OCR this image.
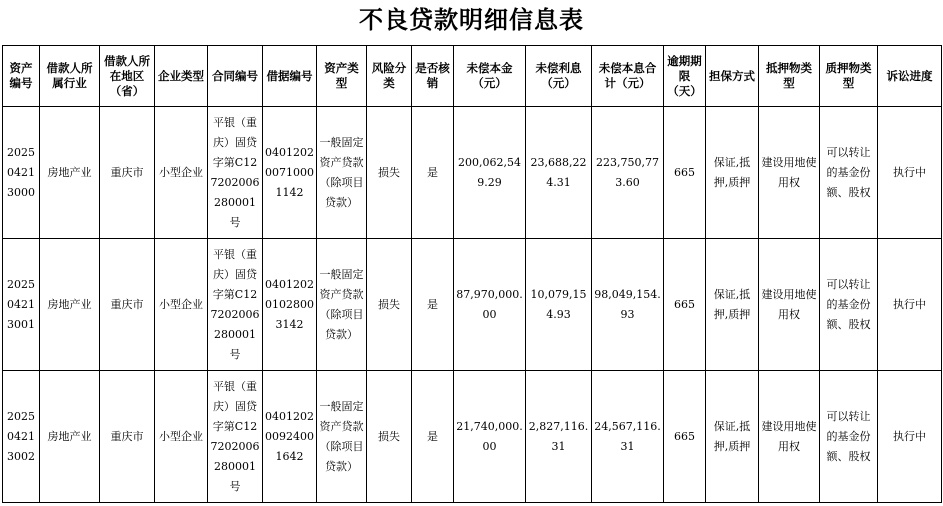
不良贷款明细信息表
资产编号	借款人所属行业	借款人所在地区（省）	企业类型	合同编号	借据编号	资产类型	风险分类	是否核销	未偿本金（元）	未偿利息（元）	未偿本息合计（元）	逾期期限（天）	担保方式	抵押物类型	质押物类型	诉讼进度
202504213000	房地产业	重庆市	小型企业	平银（重庆）固贷字第C127202006280001号	040120200710001142	一般固定资产贷款（除项目贷款）	损失	是	200,062,549.29	23,688,224.31	223,750,773.60	665	保证,抵押,质押	建设用地使用权	可以转让的基金份额、股权	执行中
202504213001	房地产业	重庆市	小型企业	平银（重庆）固贷字第C127202006280001号	040120201028003142	一般固定资产贷款（除项目贷款）	损失	是	87,970,000.00	10,079,154.93	98,049,154.93	665	保证,抵押,质押	建设用地使用权	可以转让的基金份额、股权	执行中
202504213002	房地产业	重庆市	小型企业	平银（重庆）固贷字第C127202006280001号	040120200924001642	一般固定资产贷款（除项目贷款）	损失	是	21,740,000.00	2,827,116.31	24,567,116.31	665	保证,抵押,质押	建设用地使用权	可以转让的基金份额、股权	执行中
